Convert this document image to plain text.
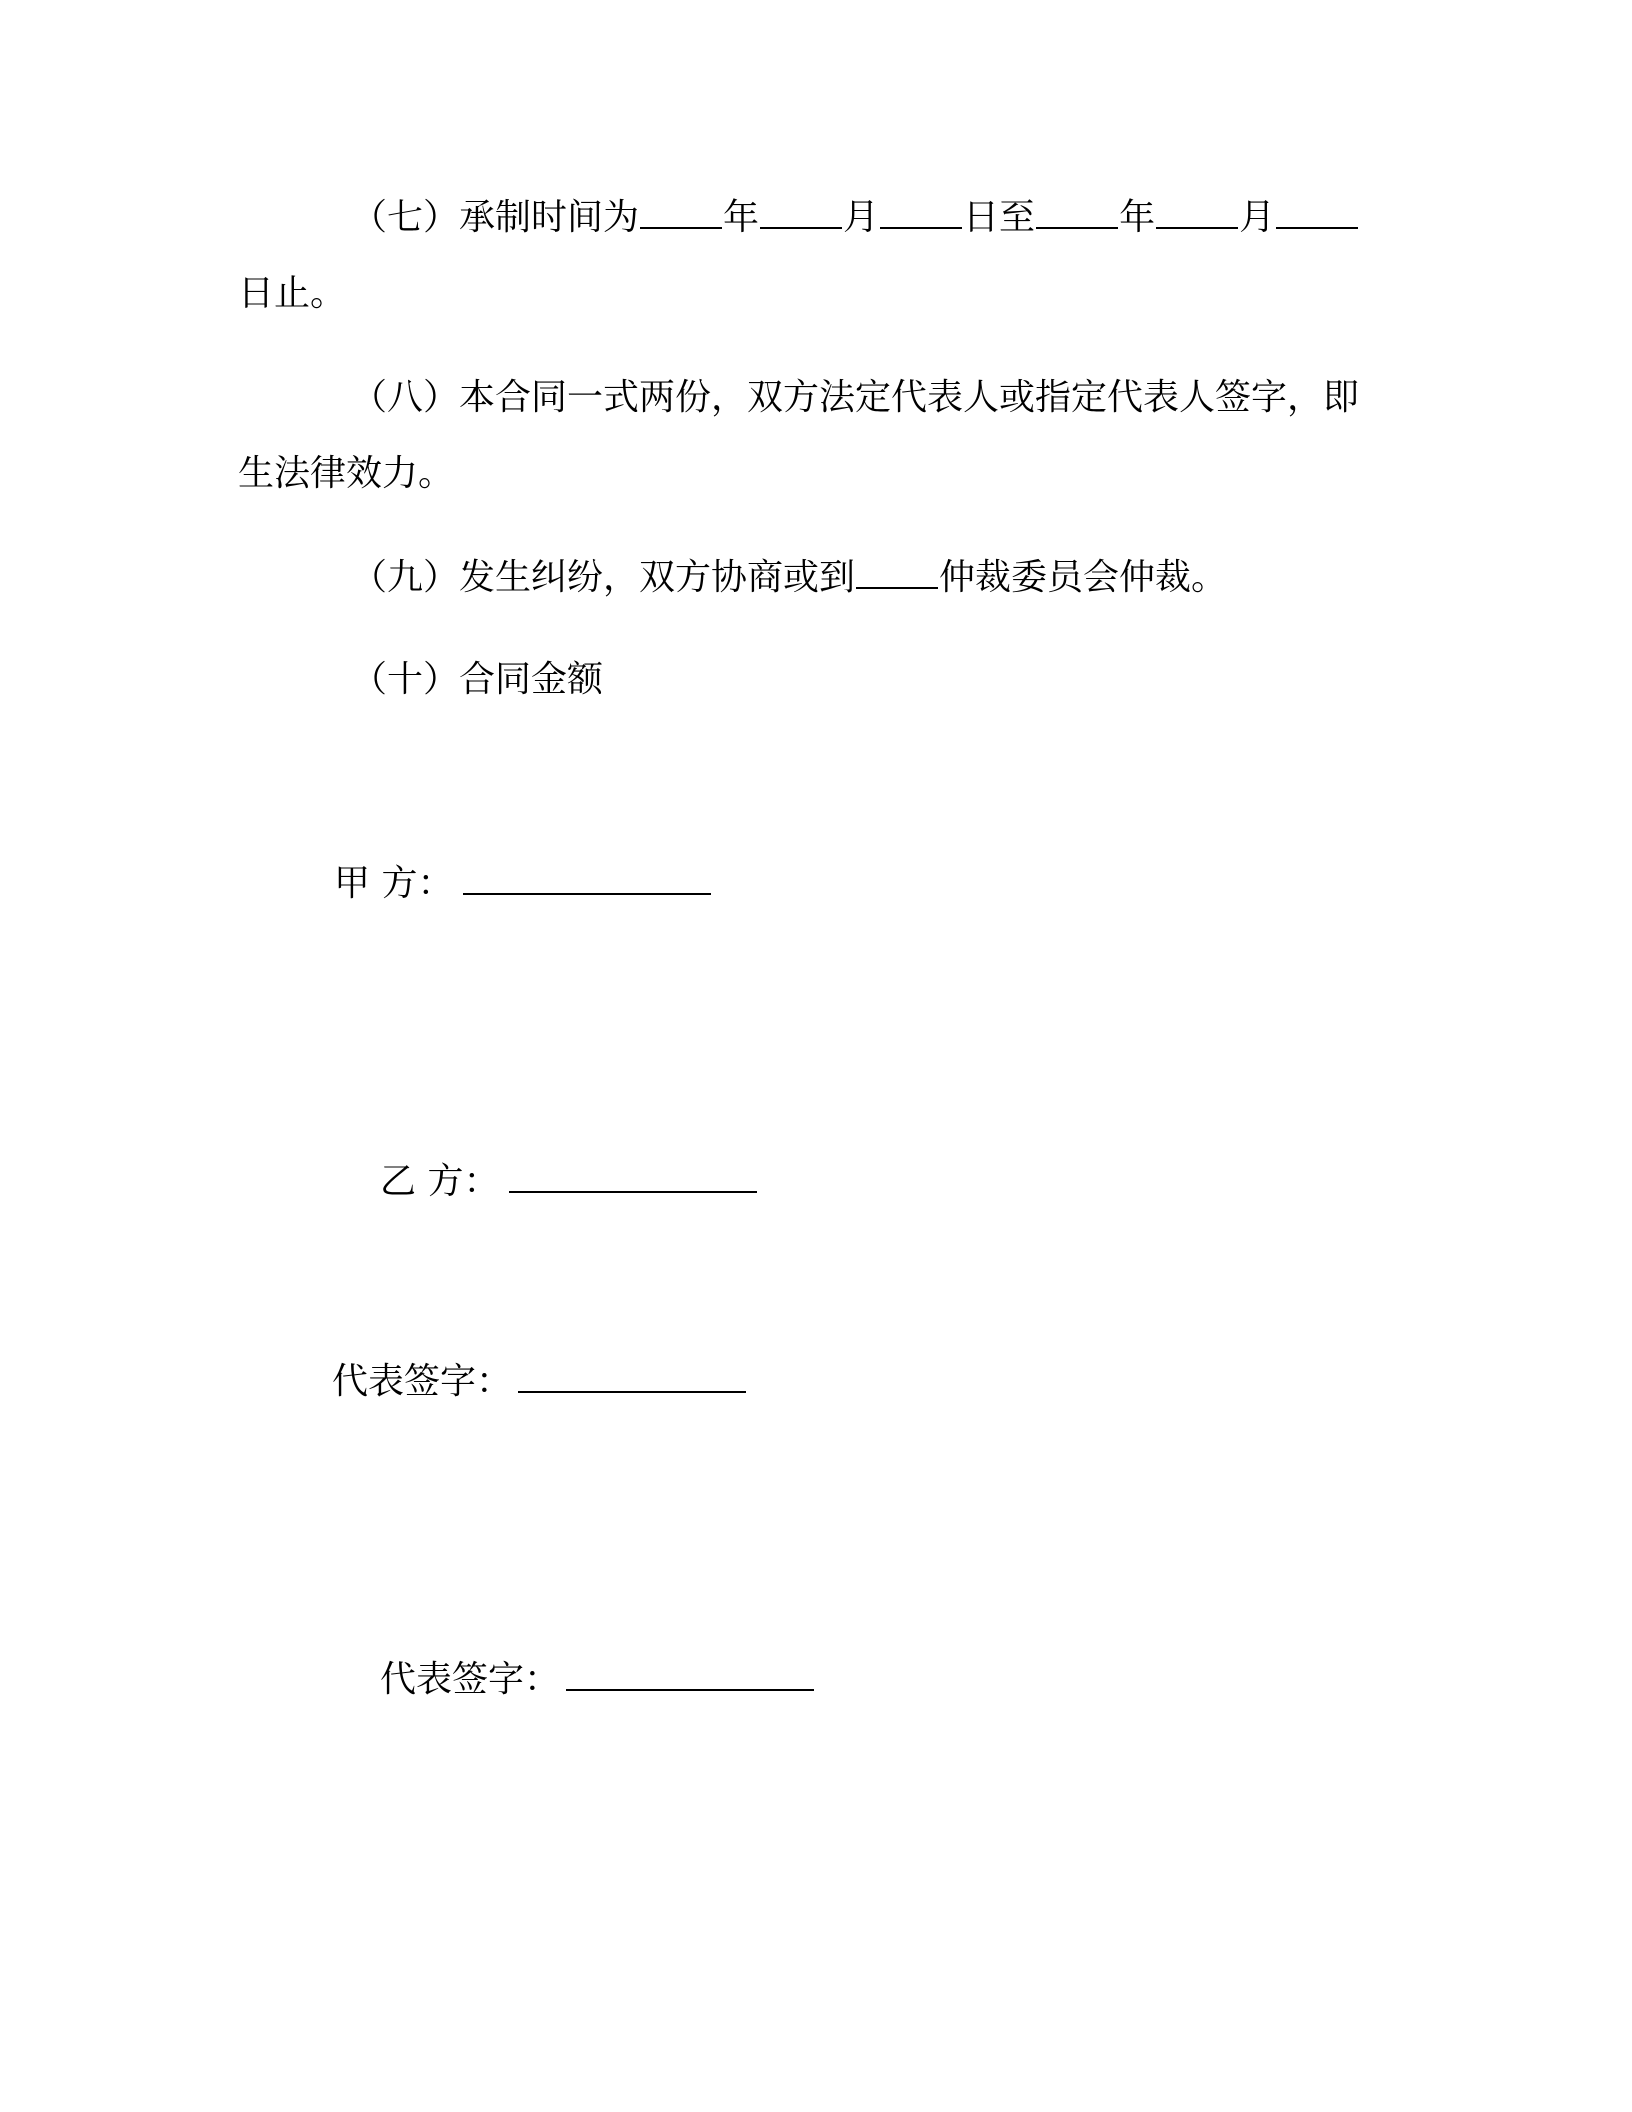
（七）承制时间为 年 月 日至 年 月
日止。
（八）本合同一式两份，双方法定代表人或指定代表人签字，即
生法律效力。
（九）发生纠纷，双方协商或到 仲裁委员会仲裁。
（十）合同金额
甲 方：
乙 方：
代表签字：
代表签字：
